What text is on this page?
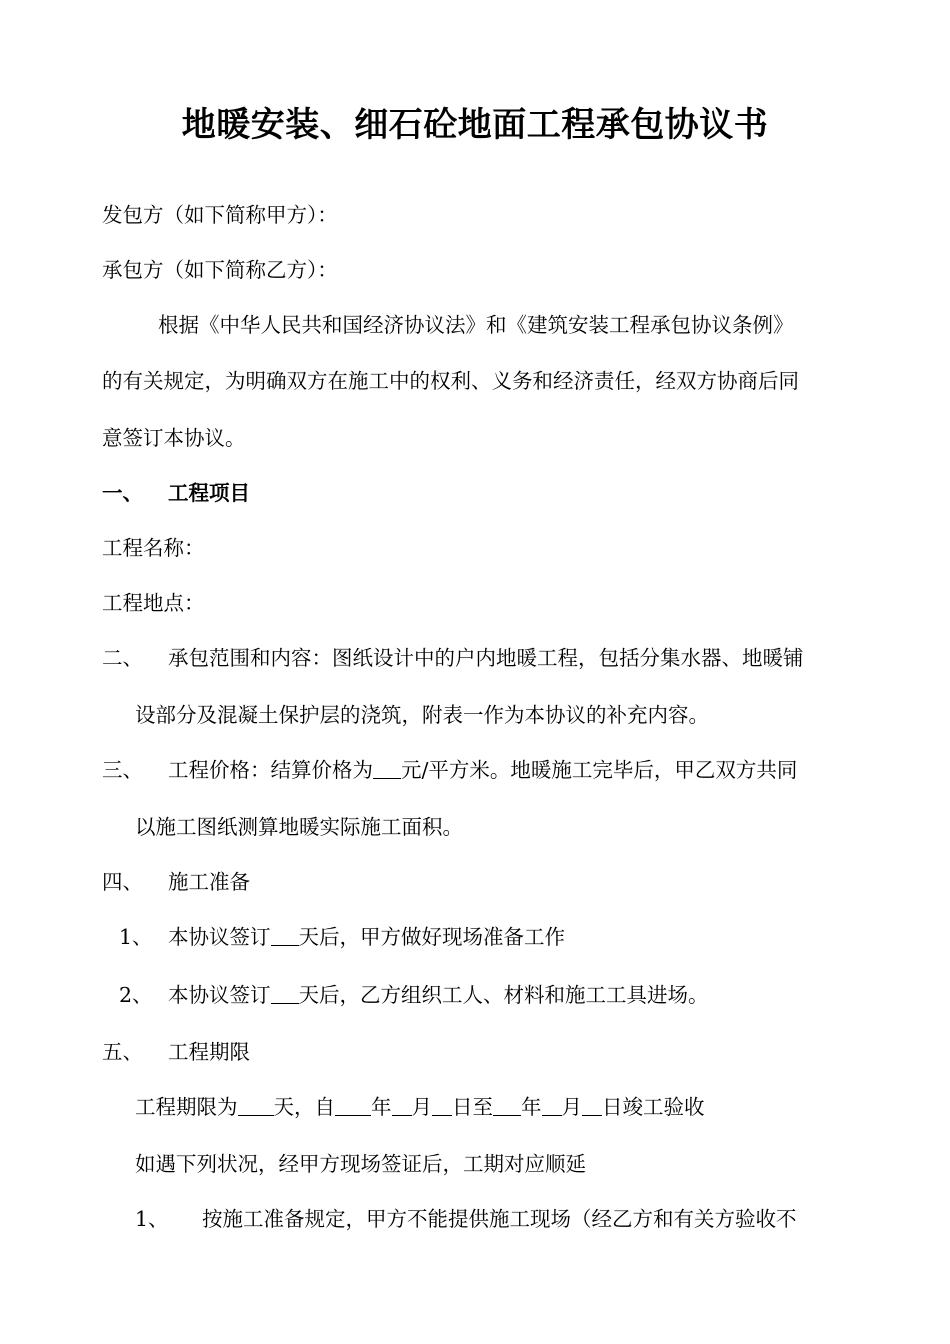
地暖安装、细石砼地面工程承包协议书
发包方（如下简称甲方）：
承包方（如下简称乙方）：
根据《中华人民共和国经济协议法》和《建筑安装工程承包协议条例》
的有关规定，为明确双方在施工中的权利、义务和经济责任，经双方协商后同
意签订本协议。
一、 工程项目
工程名称：
工程地点：
二、 承包范围和内容：图纸设计中的户内地暖工程，包括分集水器、地暖铺
设部分及混凝土保护层的浇筑，附表一作为本协议的补充内容。
三、 工程价格：结算价格为 元/平方米。地暖施工完毕后，甲乙双方共同
以施工图纸测算地暖实际施工面积。
四、 施工准备
1、 本协议签订 天后，甲方做好现场准备工作
2、 本协议签订 天后，乙方组织工人、材料和施工工具进场。
五、 工程期限
工程期限为 天，自 年 月 日至 年 月 日竣工验收
如遇下列状况，经甲方现场签证后，工期对应顺延
1、 按施工准备规定，甲方不能提供施工现场（经乙方和有关方验收不
